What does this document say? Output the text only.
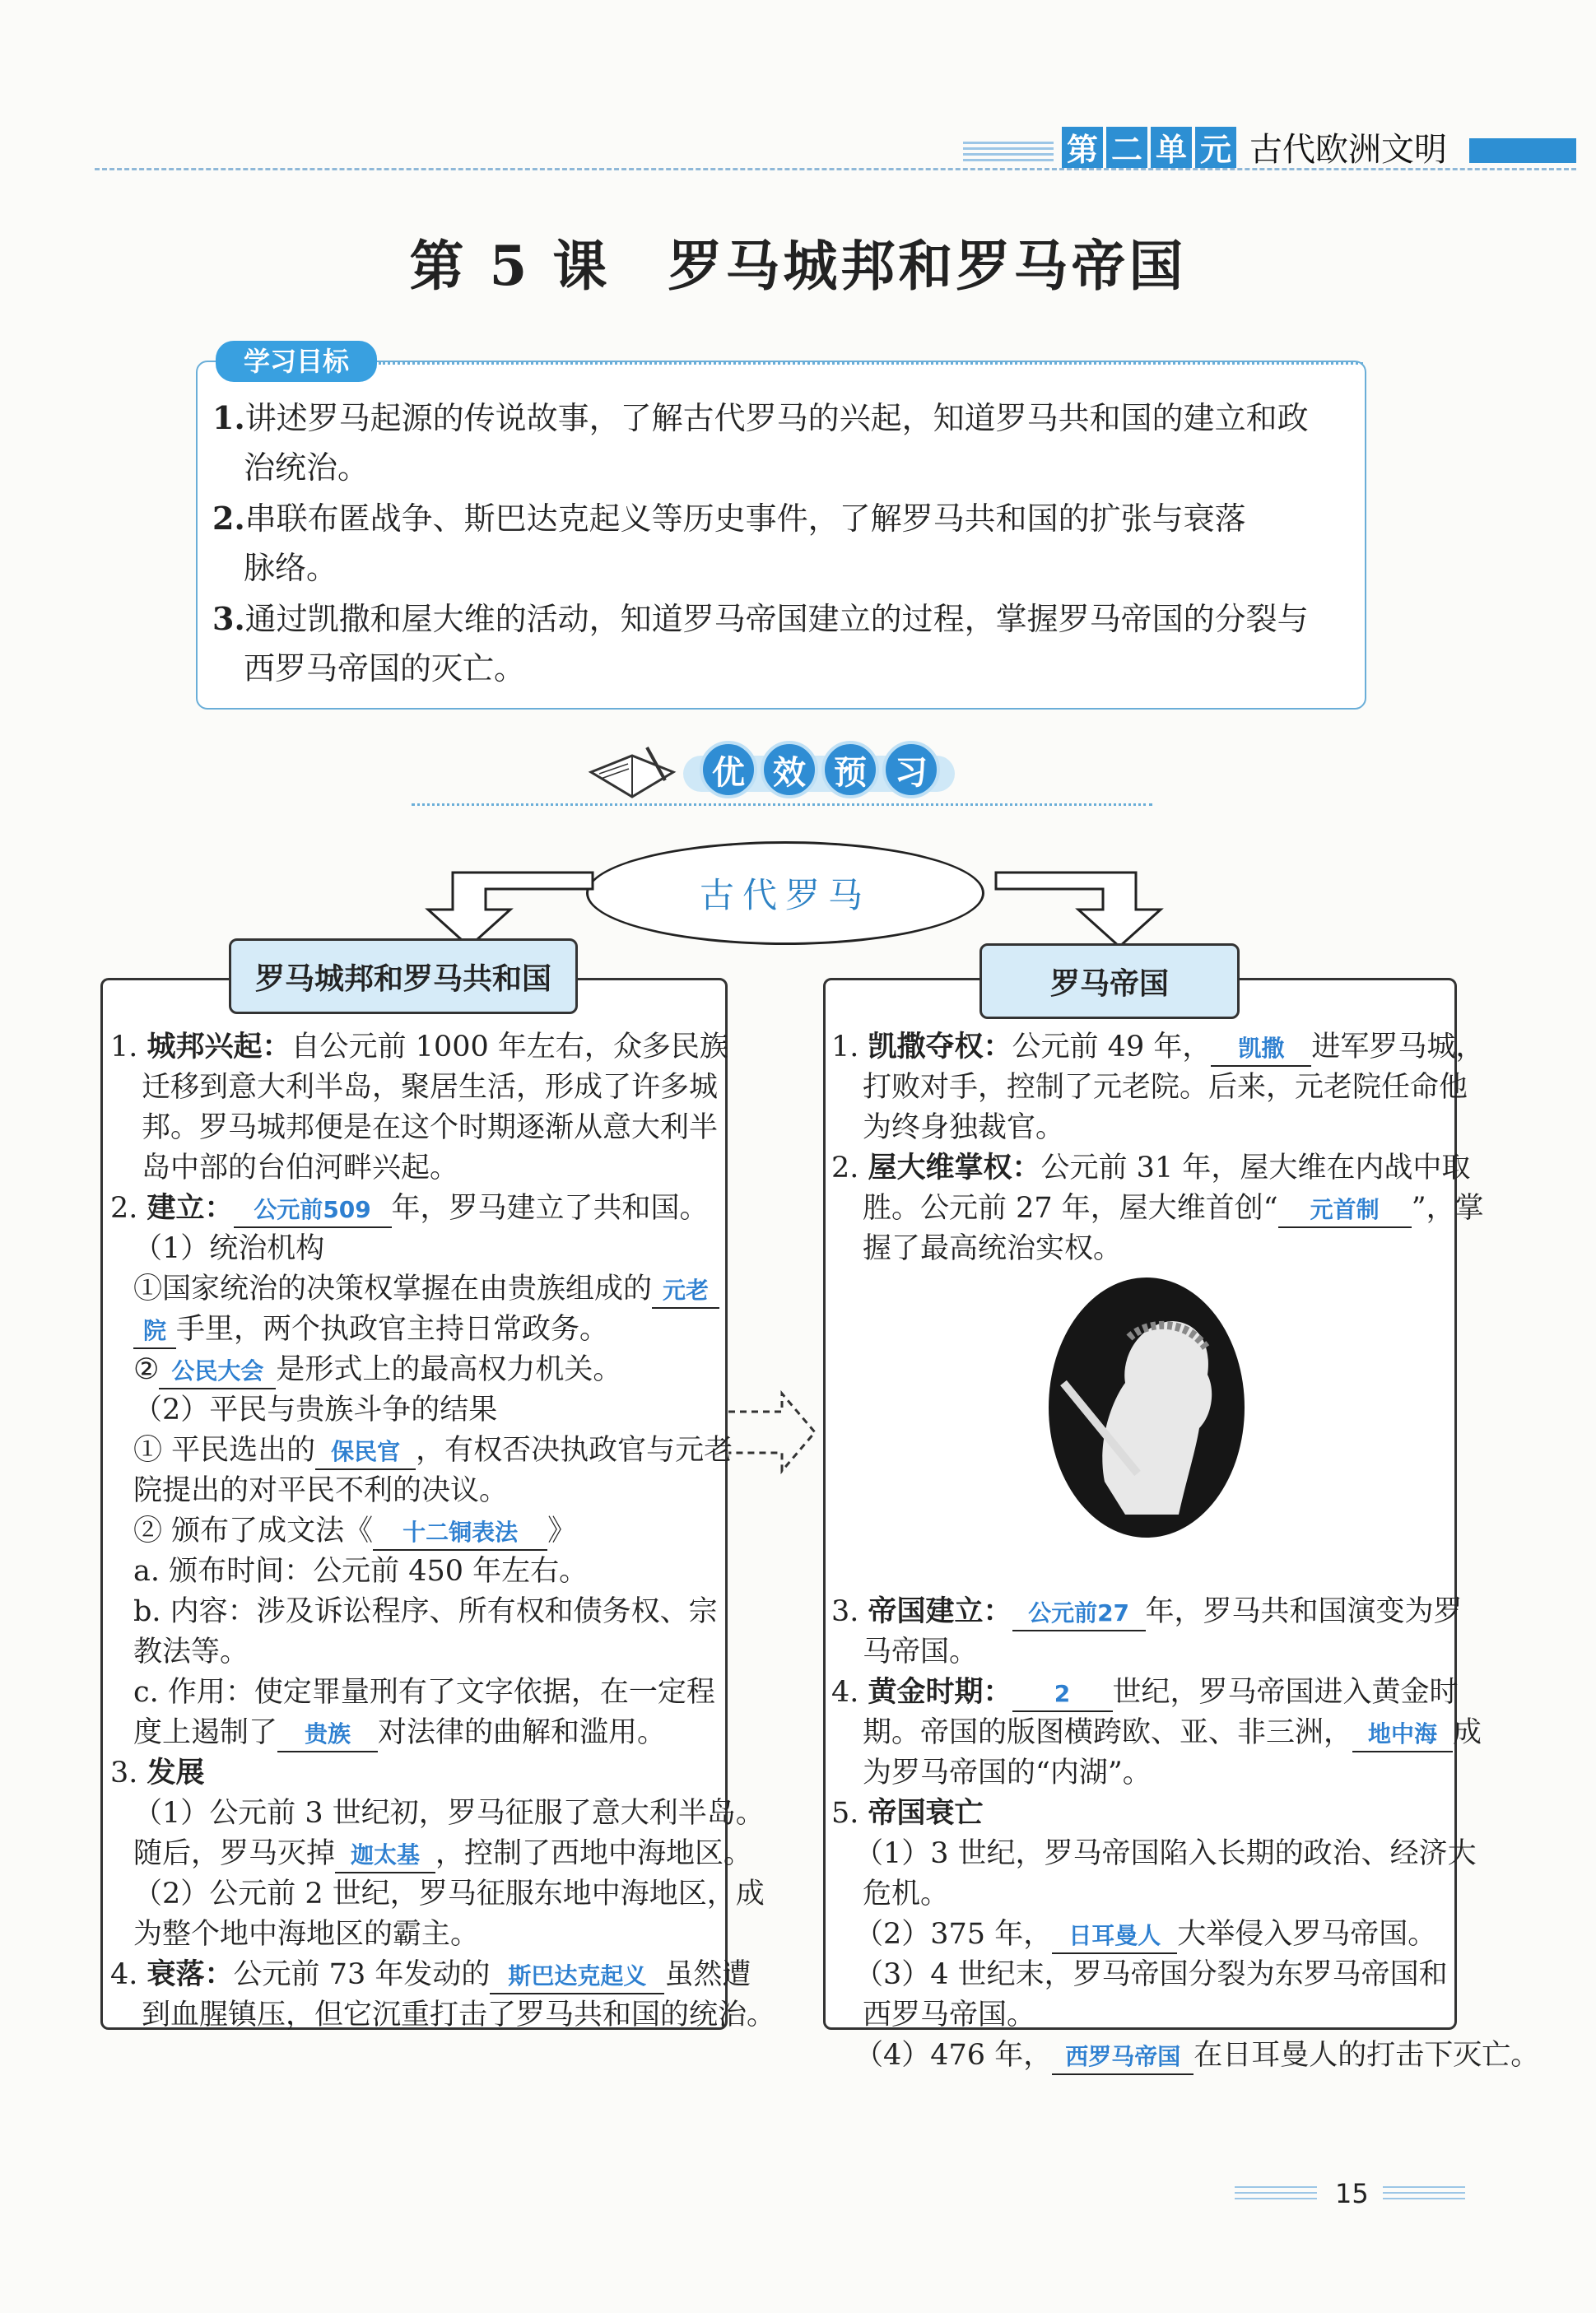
第 二 单 元 古代欧洲文明
第 5 课　罗马城邦和罗马帝国
学习目标
1.讲述罗马起源的传说故事，了解古代罗马的兴起，知道罗马共和国的建立和政
治统治。
2.串联布匿战争、斯巴达克起义等历史事件，了解罗马共和国的扩张与衰落
脉络。
3.通过凯撒和屋大维的活动，知道罗马帝国建立的过程，掌握罗马帝国的分裂与
西罗马帝国的灭亡。
优 效 预 习
古代罗马
罗马城邦和罗马共和国
1. 城邦兴起：自公元前 1000 年左右，众多民族
迁移到意大利半岛，聚居生活，形成了许多城
邦。罗马城邦便是在这个时期逐渐从意大利半
岛中部的台伯河畔兴起。
2. 建立： 公元前509 年，罗马建立了共和国。
（1）统治机构
①国家统治的决策权掌握在由贵族组成的 元老
院 手里，两个执政官主持日常政务。
② 公民大会 是形式上的最高权力机关。
（2）平民与贵族斗争的结果
① 平民选出的 保民官 ，有权否决执政官与元老
院提出的对平民不利的决议。
② 颁布了成文法《 十二铜表法 》
a. 颁布时间：公元前 450 年左右。
b. 内容：涉及诉讼程序、所有权和债务权、宗
教法等。
c. 作用：使定罪量刑有了文字依据，在一定程
度上遏制了 贵族 对法律的曲解和滥用。
3. 发展
（1）公元前 3 世纪初，罗马征服了意大利半岛。
随后，罗马灭掉 迦太基 ，控制了西地中海地区。
（2）公元前 2 世纪，罗马征服东地中海地区，成
为整个地中海地区的霸主。
4. 衰落：公元前 73 年发动的 斯巴达克起义 虽然遭
到血腥镇压，但它沉重打击了罗马共和国的统治。
罗马帝国
1. 凯撒夺权：公元前 49 年， 凯撒 进军罗马城，
打败对手，控制了元老院。后来，元老院任命他
为终身独裁官。
2. 屋大维掌权：公元前 31 年，屋大维在内战中取
胜。公元前 27 年，屋大维首创“ 元首制 ”，掌
握了最高统治实权。
3. 帝国建立： 公元前27 年，罗马共和国演变为罗
马帝国。
4. 黄金时期： 2 世纪，罗马帝国进入黄金时
期。帝国的版图横跨欧、亚、非三洲， 地中海 成
为罗马帝国的“内湖”。
5. 帝国衰亡
（1）3 世纪，罗马帝国陷入长期的政治、经济大
危机。
（2）375 年， 日耳曼人 大举侵入罗马帝国。
（3）4 世纪末，罗马帝国分裂为东罗马帝国和
西罗马帝国。
（4）476 年， 西罗马帝国 在日耳曼人的打击下灭亡。
15
